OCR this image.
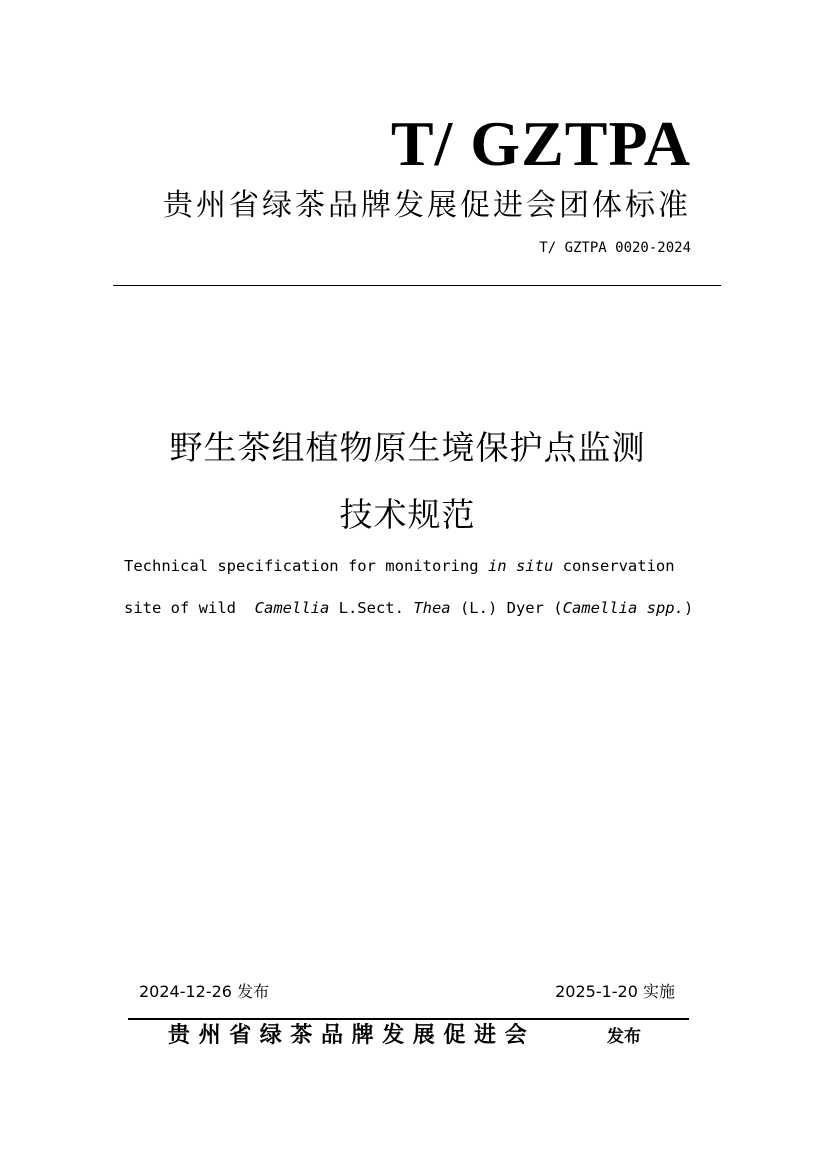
T/ GZTPA
贵州省绿茶品牌发展促进会团体标准
T/ GZTPA 0020-2024
野生茶组植物原生境保护点监测
技术规范
Technical specification for monitoring in situ conservation
site of wild  Camellia L.Sect. Thea (L.) Dyer (Camellia spp.)
2024-12-26 发布	2025-1-20 实施
贵州省绿茶品牌发展促进会	发布
